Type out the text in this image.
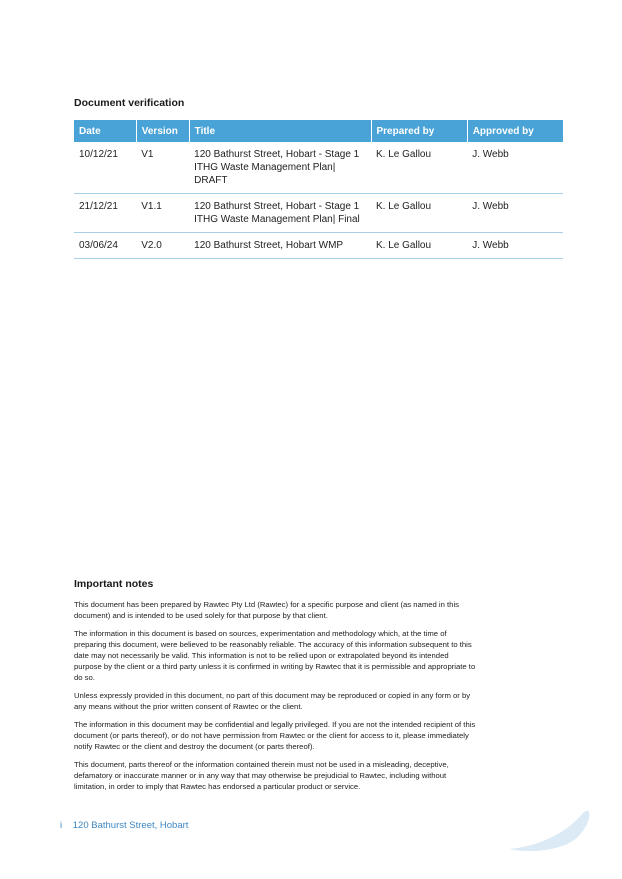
Document verification
Date	Version	Title	Prepared by	Approved by
10/12/21	V1	120 Bathurst Street, Hobart - Stage 1 ITHG Waste Management Plan| DRAFT	K. Le Gallou	J. Webb
21/12/21	V1.1	120 Bathurst Street, Hobart - Stage 1 ITHG Waste Management Plan| Final	K. Le Gallou	J. Webb
03/06/24	V2.0	120 Bathurst Street, Hobart WMP	K. Le Gallou	J. Webb
Important notes

This document has been prepared by Rawtec Pty Ltd (Rawtec) for a specific purpose and client (as named in this document) and is intended to be used solely for that purpose by that client.

The information in this document is based on sources, experimentation and methodology which, at the time of preparing this document, were believed to be reasonably reliable. The accuracy of this information subsequent to this date may not necessarily be valid. This information is not to be relied upon or extrapolated beyond its intended purpose by the client or a third party unless it is confirmed in writing by Rawtec that it is permissible and appropriate to do so.

Unless expressly provided in this document, no part of this document may be reproduced or copied in any form or by any means without the prior written consent of Rawtec or the client.

The information in this document may be confidential and legally privileged. If you are not the intended recipient of this document (or parts thereof), or do not have permission from Rawtec or the client for access to it, please immediately notify Rawtec or the client and destroy the document (or parts thereof).

This document, parts thereof or the information contained therein must not be used in a misleading, deceptive, defamatory or inaccurate manner or in any way that may otherwise be prejudicial to Rawtec, including without limitation, in order to imply that Rawtec has endorsed a particular product or service.

i 120 Bathurst Street, Hobart
